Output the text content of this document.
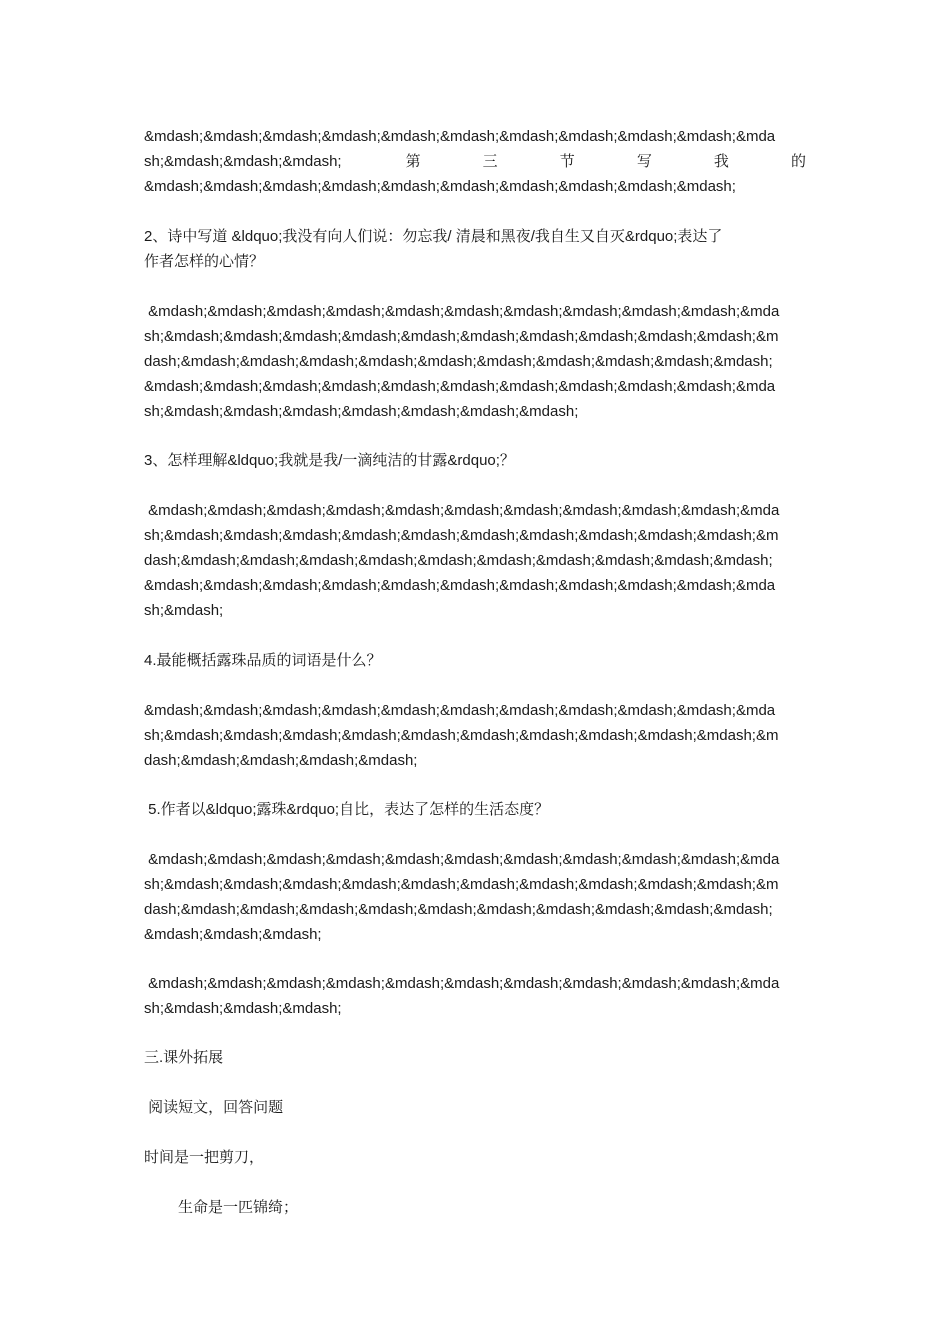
&mdash;&mdash;&mdash;&mdash;&mdash;&mdash;&mdash;&mdash;&mdash;&mdash;&mda
sh;&mdash;&mdash;&mdash;	第	三	节	写	我	的
&mdash;&mdash;&mdash;&mdash;&mdash;&mdash;&mdash;&mdash;&mdash;&mdash;
2、诗中写道 &ldquo;我没有向人们说：勿忘我/ 清晨和黑夜/我自生又自灭&rdquo;表达了
作者怎样的心情？
&mdash;&mdash;&mdash;&mdash;&mdash;&mdash;&mdash;&mdash;&mdash;&mdash;&mda
sh;&mdash;&mdash;&mdash;&mdash;&mdash;&mdash;&mdash;&mdash;&mdash;&mdash;&m
dash;&mdash;&mdash;&mdash;&mdash;&mdash;&mdash;&mdash;&mdash;&mdash;&mdash;
&mdash;&mdash;&mdash;&mdash;&mdash;&mdash;&mdash;&mdash;&mdash;&mdash;&mda
sh;&mdash;&mdash;&mdash;&mdash;&mdash;&mdash;&mdash;
3、怎样理解&ldquo;我就是我/一滴纯洁的甘露&rdquo;？
&mdash;&mdash;&mdash;&mdash;&mdash;&mdash;&mdash;&mdash;&mdash;&mdash;&mda
sh;&mdash;&mdash;&mdash;&mdash;&mdash;&mdash;&mdash;&mdash;&mdash;&mdash;&m
dash;&mdash;&mdash;&mdash;&mdash;&mdash;&mdash;&mdash;&mdash;&mdash;&mdash;
&mdash;&mdash;&mdash;&mdash;&mdash;&mdash;&mdash;&mdash;&mdash;&mdash;&mda
sh;&mdash;
4.最能概括露珠品质的词语是什么？
&mdash;&mdash;&mdash;&mdash;&mdash;&mdash;&mdash;&mdash;&mdash;&mdash;&mda
sh;&mdash;&mdash;&mdash;&mdash;&mdash;&mdash;&mdash;&mdash;&mdash;&mdash;&m
dash;&mdash;&mdash;&mdash;&mdash;
5.作者以&ldquo;露珠&rdquo;自比，表达了怎样的生活态度？
&mdash;&mdash;&mdash;&mdash;&mdash;&mdash;&mdash;&mdash;&mdash;&mdash;&mda
sh;&mdash;&mdash;&mdash;&mdash;&mdash;&mdash;&mdash;&mdash;&mdash;&mdash;&m
dash;&mdash;&mdash;&mdash;&mdash;&mdash;&mdash;&mdash;&mdash;&mdash;&mdash;
&mdash;&mdash;&mdash;
&mdash;&mdash;&mdash;&mdash;&mdash;&mdash;&mdash;&mdash;&mdash;&mdash;&mda
sh;&mdash;&mdash;&mdash;
三.课外拓展
阅读短文，回答问题
时间是一把剪刀，
生命是一匹锦绮；
